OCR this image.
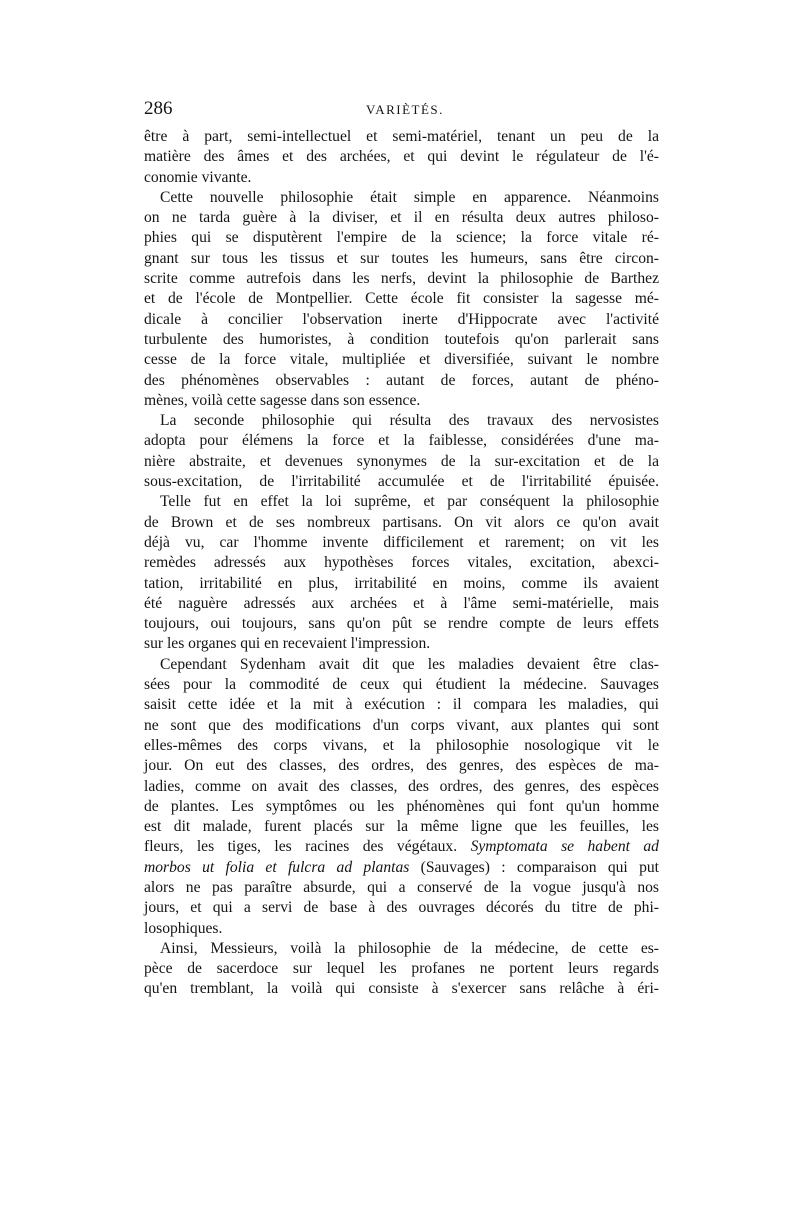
286	VARIÈTÉS.
être à part, semi-intellectuel et semi-matériel, tenant un peu de la
matière des âmes et des archées, et qui devint le régulateur de l'é-
conomie vivante.
Cette nouvelle philosophie était simple en apparence. Néanmoins
on ne tarda guère à la diviser, et il en résulta deux autres philoso-
phies qui se disputèrent l'empire de la science; la force vitale ré-
gnant sur tous les tissus et sur toutes les humeurs, sans être circon-
scrite comme autrefois dans les nerfs, devint la philosophie de Barthez
et de l'école de Montpellier. Cette école fit consister la sagesse mé-
dicale à concilier l'observation inerte d'Hippocrate avec l'activité
turbulente des humoristes, à condition toutefois qu'on parlerait sans
cesse de la force vitale, multipliée et diversifiée, suivant le nombre
des phénomènes observables : autant de forces, autant de phéno-
mènes, voilà cette sagesse dans son essence.
La seconde philosophie qui résulta des travaux des nervosistes
adopta pour élémens la force et la faiblesse, considérées d'une ma-
nière abstraite, et devenues synonymes de la sur-excitation et de la
sous-excitation, de l'irritabilité accumulée et de l'irritabilité épuisée.
Telle fut en effet la loi suprême, et par conséquent la philosophie
de Brown et de ses nombreux partisans. On vit alors ce qu'on avait
déjà vu, car l'homme invente difficilement et rarement; on vit les
remèdes adressés aux hypothèses forces vitales, excitation, abexci-
tation, irritabilité en plus, irritabilité en moins, comme ils avaient
été naguère adressés aux archées et à l'âme semi-matérielle, mais
toujours, oui toujours, sans qu'on pût se rendre compte de leurs effets
sur les organes qui en recevaient l'impression.
Cependant Sydenham avait dit que les maladies devaient être clas-
sées pour la commodité de ceux qui étudient la médecine. Sauvages
saisit cette idée et la mit à exécution : il compara les maladies, qui
ne sont que des modifications d'un corps vivant, aux plantes qui sont
elles-mêmes des corps vivans, et la philosophie nosologique vit le
jour. On eut des classes, des ordres, des genres, des espèces de ma-
ladies, comme on avait des classes, des ordres, des genres, des espèces
de plantes. Les symptômes ou les phénomènes qui font qu'un homme
est dit malade, furent placés sur la même ligne que les feuilles, les
fleurs, les tiges, les racines des végétaux. Symptomata se habent ad
morbos ut folia et fulcra ad plantas (Sauvages) : comparaison qui put
alors ne pas paraître absurde, qui a conservé de la vogue jusqu'à nos
jours, et qui a servi de base à des ouvrages décorés du titre de phi-
losophiques.
Ainsi, Messieurs, voilà la philosophie de la médecine, de cette es-
pèce de sacerdoce sur lequel les profanes ne portent leurs regards
qu'en tremblant, la voilà qui consiste à s'exercer sans relâche à éri-
